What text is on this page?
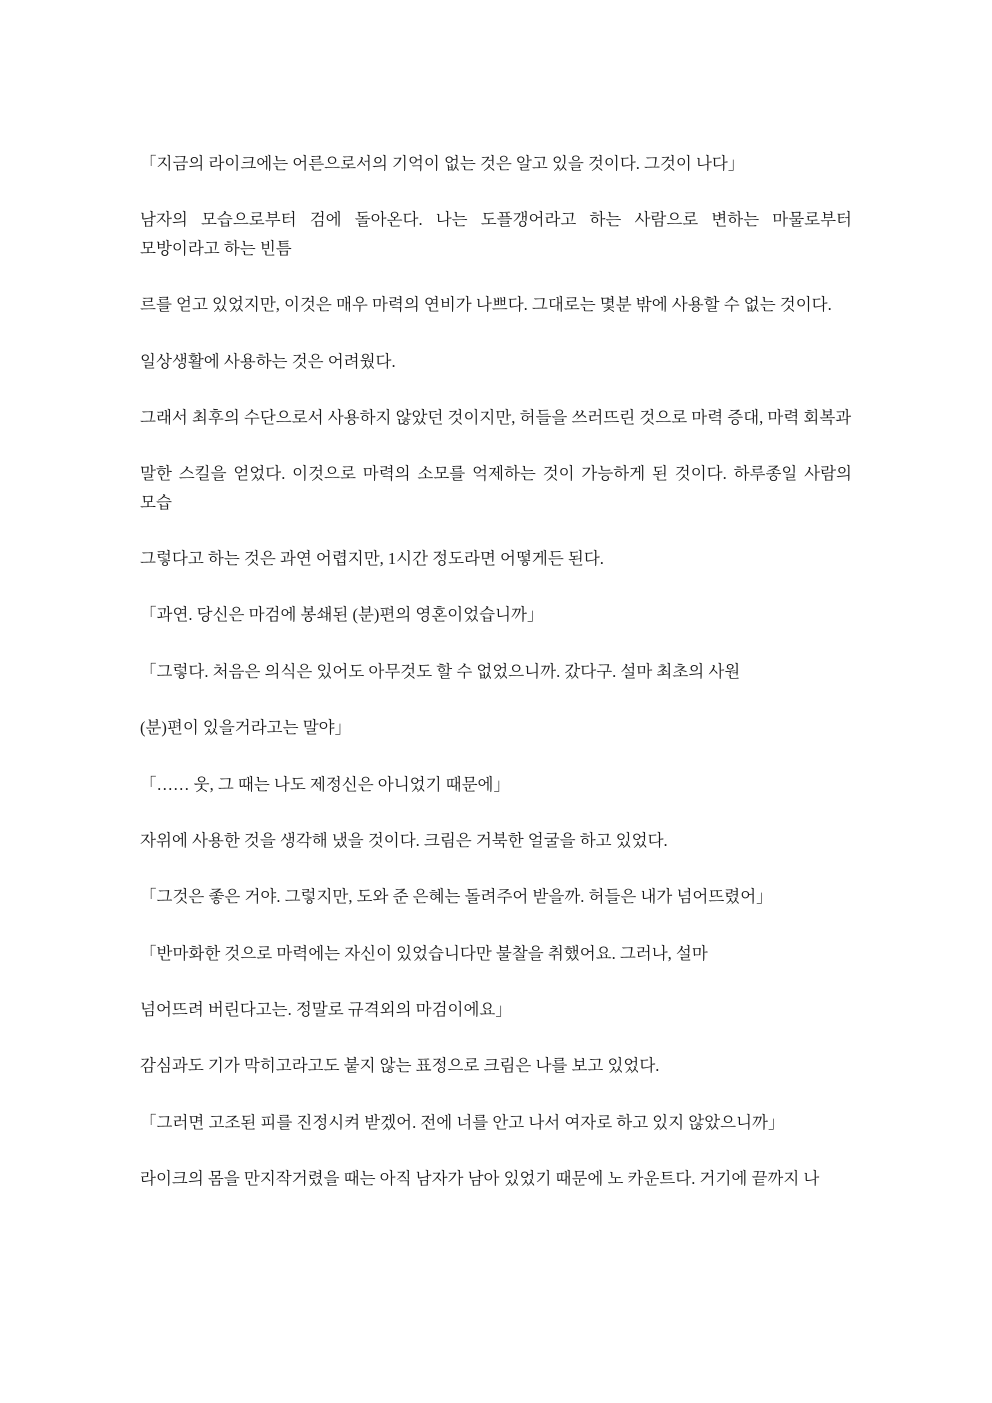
「지금의 라이크에는 어른으로서의 기억이 없는 것은 알고 있을 것이다. 그것이 나다」

남자의 모습으로부터 검에 돌아온다. 나는 도플갱어라고 하는 사람으로 변하는 마물로부터 모방이라고 하는 빈틈

르를 얻고 있었지만, 이것은 매우 마력의 연비가 나쁘다. 그대로는 몇분 밖에 사용할 수 없는 것이다.

일상생활에 사용하는 것은 어려웠다.

그래서 최후의 수단으로서 사용하지 않았던 것이지만, 허들을 쓰러뜨린 것으로 마력 증대, 마력 회복과

말한 스킬을 얻었다. 이것으로 마력의 소모를 억제하는 것이 가능하게 된 것이다. 하루종일 사람의 모습

그렇다고 하는 것은 과연 어렵지만, 1시간 정도라면 어떻게든 된다.

「과연. 당신은 마검에 봉쇄된 (분)편의 영혼이었습니까」

「그렇다. 처음은 의식은 있어도 아무것도 할 수 없었으니까. 갔다구. 설마 최초의 사원

(분)편이 있을거라고는 말야」

「…… 웃, 그 때는 나도 제정신은 아니었기 때문에」

자위에 사용한 것을 생각해 냈을 것이다. 크림은 거북한 얼굴을 하고 있었다.

「그것은 좋은 거야. 그렇지만, 도와 준 은혜는 돌려주어 받을까. 허들은 내가 넘어뜨렸어」

「반마화한 것으로 마력에는 자신이 있었습니다만 불찰을 취했어요. 그러나, 설마

넘어뜨려 버린다고는. 정말로 규격외의 마검이에요」

감심과도 기가 막히고라고도 붙지 않는 표정으로 크림은 나를 보고 있었다.

「그러면 고조된 피를 진정시켜 받겠어. 전에 너를 안고 나서 여자로 하고 있지 않았으니까」

라이크의 몸을 만지작거렸을 때는 아직 남자가 남아 있었기 때문에 노 카운트다. 거기에 끝까지 나
